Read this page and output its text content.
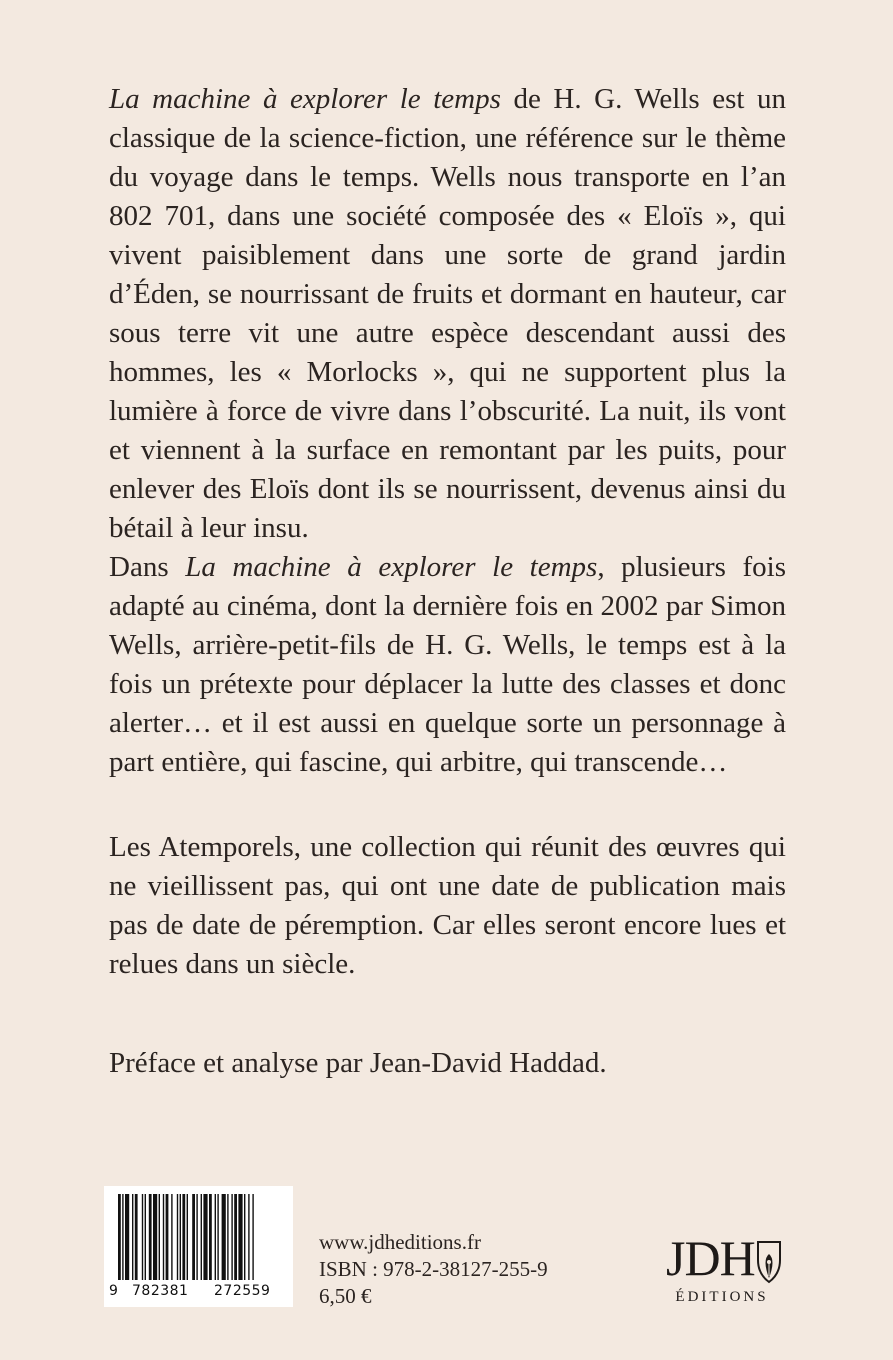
La machine à explorer le temps de H. G. Wells est un classique de la science-fiction, une référence sur le thème du voyage dans le temps. Wells nous transporte en l’an 802 701, dans une société composée des « Eloïs », qui vivent paisiblement dans une sorte de grand jardin d’Éden, se nourrissant de fruits et dormant en hauteur, car sous terre vit une autre espèce descendant aussi des hommes, les « Morlocks », qui ne supportent plus la lumière à force de vivre dans l’obscurité. La nuit, ils vont et viennent à la surface en remontant par les puits, pour enlever des Eloïs dont ils se nourrissent, devenus ainsi du bétail à leur insu.

Dans La machine à explorer le temps, plusieurs fois adapté au cinéma, dont la dernière fois en 2002 par Simon Wells, arrière-petit-fils de H. G. Wells, le temps est à la fois un prétexte pour déplacer la lutte des classes et donc alerter… et il est aussi en quelque sorte un personnage à part entière, qui fascine, qui arbitre, qui transcende…

Les Atemporels, une collection qui réunit des œuvres qui ne vieillissent pas, qui ont une date de publication mais pas de date de péremption. Car elles seront encore lues et relues dans un siècle.

Préface et analyse par Jean-David Haddad.

9 782381 272559
www.jdheditions.fr
ISBN : 978-2-38127-255-9
6,50 €
JDH
ÉDITIONS
